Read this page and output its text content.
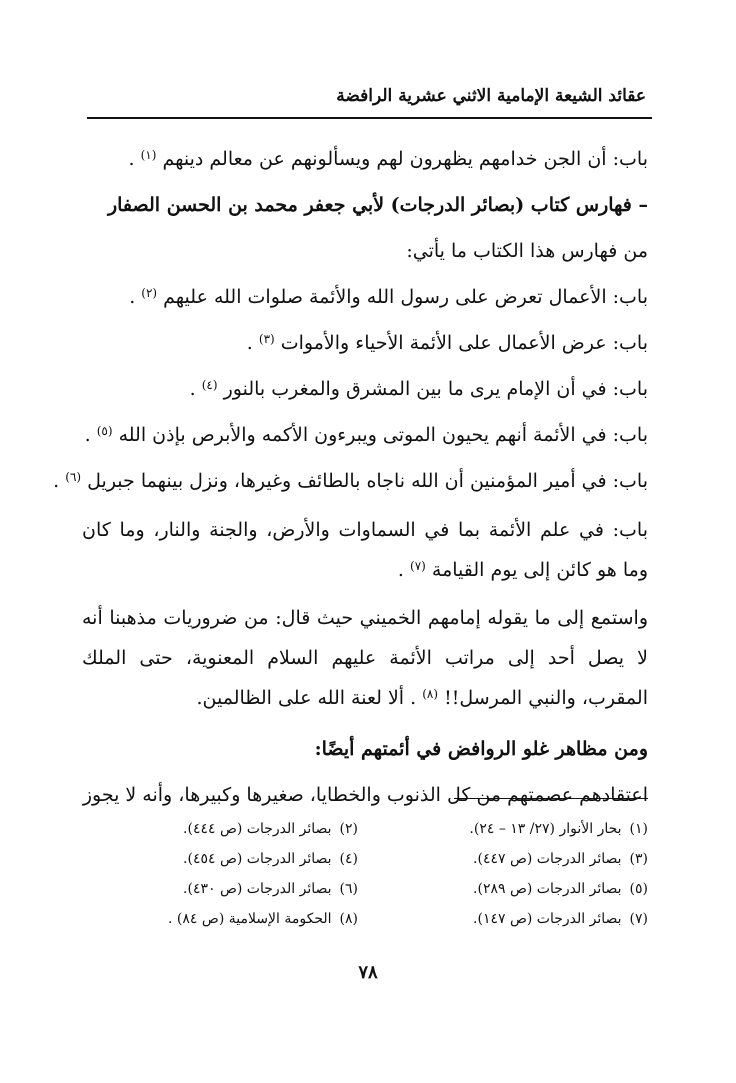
عقائد الشيعة الإمامية الاثني عشرية الرافضة

باب: أن الجن خدامهم يظهرون لهم ويسألونهم عن معالم دينهم $^{(١)}$ .

– فهارس كتاب (بصائر الدرجات) لأبي جعفر محمد بن الحسن الصفار

من فهارس هذا الكتاب ما يأتي:

باب: الأعمال تعرض على رسول الله والأئمة صلوات الله عليهم $^{(٢)}$ .

باب: عرض الأعمال على الأئمة الأحياء والأموات $^{(٣)}$ .

باب: في أن الإمام يرى ما بين المشرق والمغرب بالنور $^{(٤)}$ .

باب: في الأئمة أنهم يحيون الموتى ويبرءون الأكمه والأبرص بإذن الله $^{(٥)}$ .

باب: في أمير المؤمنين أن الله ناجاه بالطائف وغيرها، ونزل بينهما جبريل $^{(٦)}$ .

باب: في علم الأئمة بما في السماوات والأرض، والجنة والنار، وما كان وما هو كائن إلى يوم القيامة $^{(٧)}$ .

واستمع إلى ما يقوله إمامهم الخميني حيث قال: من ضروريات مذهبنا أنه لا يصل أحد إلى مراتب الأئمة عليهم السلام المعنوية، حتى الملك المقرب، والنبي المرسل!! $^{(٨)}$ . ألا لعنة الله على الظالمين.

ومن مظاهر غلو الروافض في أئمتهم أيضًا:

اعتقادهم عصمتهم من كل الذنوب والخطايا، صغيرها وكبيرها، وأنه لا يجوز

(١)بحار الأنوار (٢٧/ ١٣ – ٢٤).
(٢)بصائر الدرجات (ص ٤٤٤).
(٣)بصائر الدرجات (ص ٤٤٧).
(٤)بصائر الدرجات (ص ٤٥٤).
(٥)بصائر الدرجات (ص ٢٨٩).
(٦)بصائر الدرجات (ص ٤٣٠).
(٧)بصائر الدرجات (ص ١٤٧).
(٨)الحكومة الإسلامية (ص ٨٤) .
٧٨
